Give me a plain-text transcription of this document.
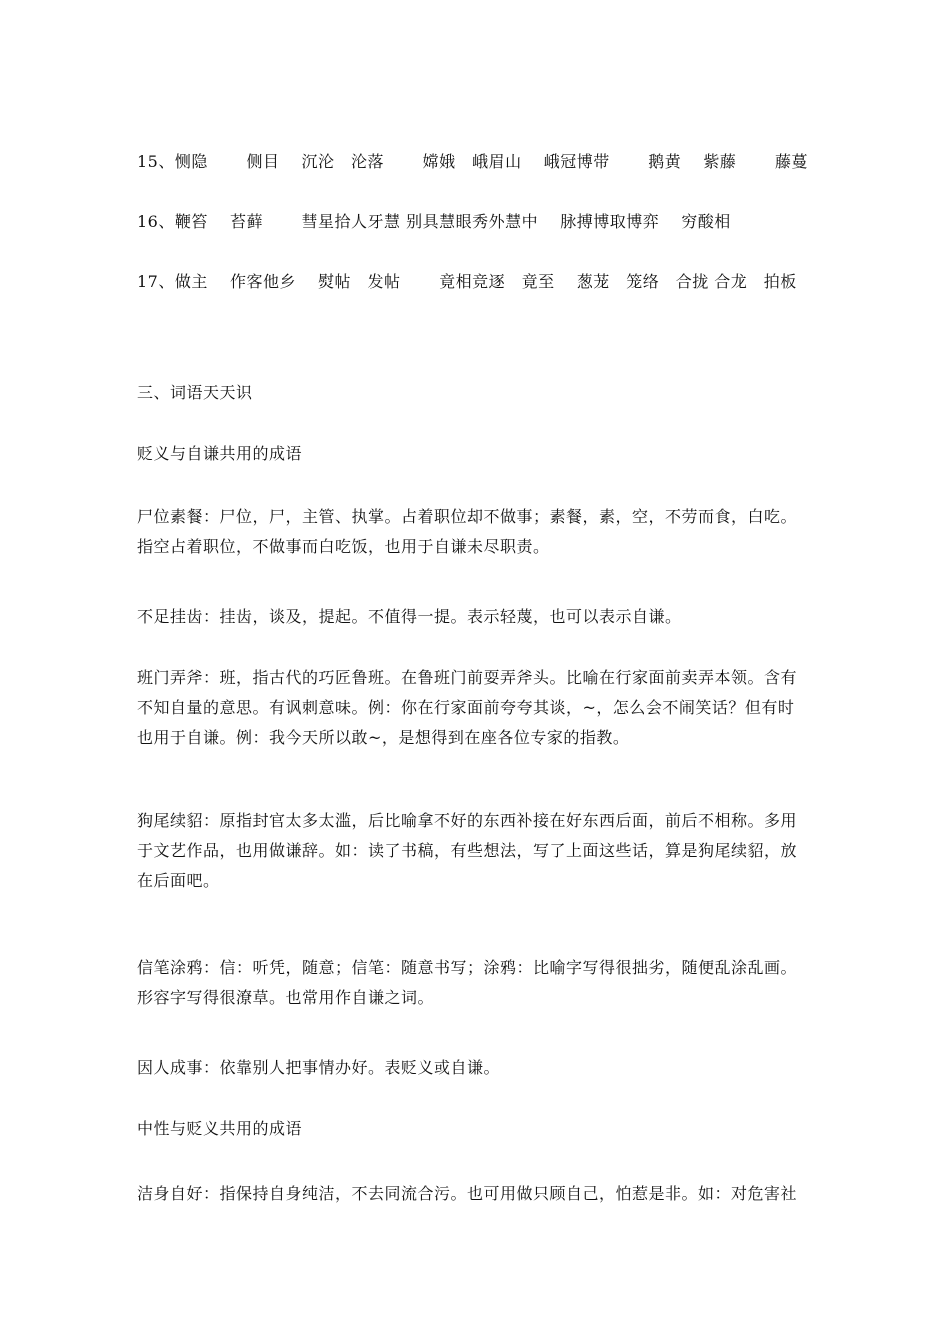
15、恻隐　　 侧目　 沉沦　沦落　　 嫦娥　峨眉山　 峨冠博带　　 鹅黄　 紫藤　　 藤蔓
16、鞭笞　 苔藓　　 彗星拾人牙慧 别具慧眼秀外慧中　 脉搏博取博弈　 穷酸相
17、做主　 作客他乡　 熨帖　发帖　　 竟相竞逐　竟至　 葱茏　笼络　合拢 合龙　拍板
三、词语天天识
贬义与自谦共用的成语

尸位素餐：尸位，尸，主管、执掌。占着职位却不做事；素餐，素，空，不劳而食，白吃。

指空占着职位，不做事而白吃饭，也用于自谦未尽职责。

不足挂齿：挂齿，谈及，提起。不值得一提。表示轻蔑，也可以表示自谦。

班门弄斧：班，指古代的巧匠鲁班。在鲁班门前耍弄斧头。比喻在行家面前卖弄本领。含有

不知自量的意思。有讽刺意味。例：你在行家面前夸夸其谈，~，怎么会不闹笑话？但有时

也用于自谦。例：我今天所以敢~，是想得到在座各位专家的指教。

狗尾续貂：原指封官太多太滥，后比喻拿不好的东西补接在好东西后面，前后不相称。多用

于文艺作品，也用做谦辞。如：读了书稿，有些想法，写了上面这些话，算是狗尾续貂，放

在后面吧。

信笔涂鸦：信：听凭，随意；信笔：随意书写；涂鸦：比喻字写得很拙劣，随便乱涂乱画。

形容字写得很潦草。也常用作自谦之词。

因人成事：依靠别人把事情办好。表贬义或自谦。

中性与贬义共用的成语

洁身自好：指保持自身纯洁，不去同流合污。也可用做只顾自己，怕惹是非。如：对危害社
